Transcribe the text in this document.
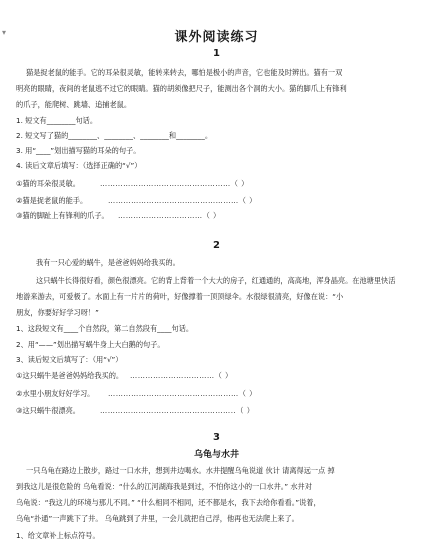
▾	课外阅读练习
1
猫是捉老鼠的能手。它的耳朵很灵敏，能转来转去，哪怕是极小的声音，它也能及时辨出。猫有一双
明亮的眼睛，夜间的老鼠逃不过它的眼睛。猫的胡须像把尺子，能测出各个洞的大小。猫的脚爪上有锋利
的爪子，能爬树、跳墙、追捕老鼠。
1. 短文有________句话。
2. 短文写了猫的________、________、________和________。
3. 用“____”划出描写猫的耳朵的句子。
4. 读后文章后填写：（选择正确的“√”）
①猫的耳朵很灵敏。	……………………………………………（ ）
②猫是捉老鼠的能手。	……………………………………………（ ）
③猫的脚趾上有锋利的爪子。 ……………………………（ ）
2
我有一只心爱的蜗牛，是爸爸妈妈给我买的。
这只蜗牛长得很好看，颜色很漂亮。它的背上背着一个大大的房子，红通通的，高高地，浑身晶亮。在池塘里快活
地游来游去，可爱极了。水面上有一片片的荷叶，好像撑着一顶顶绿伞。水很绿很清亮，好像在说：“小
朋友，你要好好学习呀！”
1、这段短文有____个自然段，第二自然段有____句话。
2、用“——”划出描写蜗牛身上大白鹅的句子。
3、读后短文后填写了：（用“√”）
①这只蜗牛是爸爸妈妈给我买的。 ……………………………（ ）
②水里小朋友好好学习。 ……………………………………………（ ）
③这只蜗牛很漂亮。	……………………………………………..（ ）
3
乌龟与水井
一只乌龟在路边上散步，路过一口水井，想到井边喝水。水井提醒乌龟说道 伙计 请离得远一点 掉
到我这儿是很危险的 乌龟看说：“什么的江河湖海我是到过，不怕你这小的一口水井。” 水井对
乌龟说：“我这儿的环境与那儿不同。” “什么相同不相同，还不都是水，我下去给你看看。”说着，
乌龟“扑通”一声跳下了井。 乌龟跳到了井里，一会儿就把自己浮，他再也无法爬上来了。
1、给文章补上标点符号。
